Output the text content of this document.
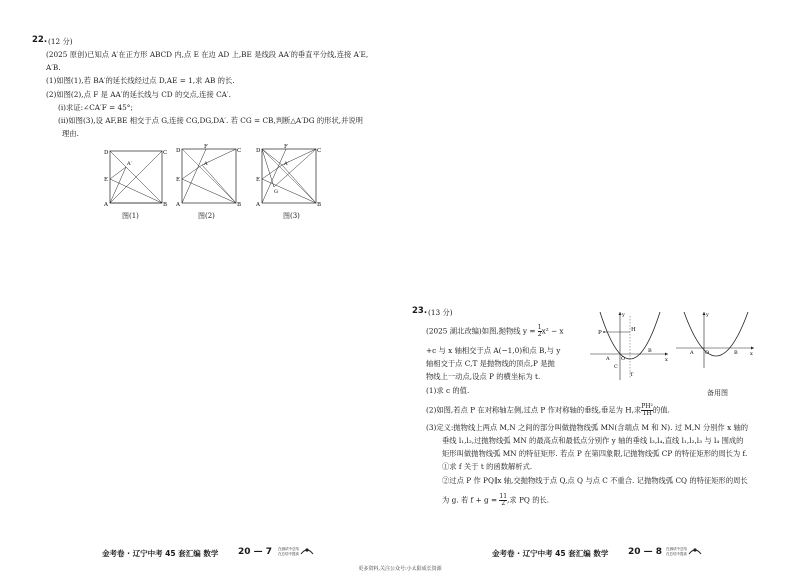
22. (12 分)
(2025 原创)已知点 A′在正方形 ABCD 内,点 E 在边 AD 上,BE 是线段 AA′的垂直平分线,连接 A′E,
A′B.
(1)如图(1),若 BA′的延长线经过点 D,AE = 1,求 AB 的长.
(2)如图(2),点 F 是 AA′的延长线与 CD 的交点,连接 CA′.
(ⅰ)求证:∠CA′F = 45°;
(ⅱ)如图(3),设 AF,BE 相交于点 G,连接 CG,DG,DA′. 若 CG = CB,判断△A′DG 的形状,并说明
理由.
D	C
A	B
E
A′
图(1)
D
F
C
A	B
E
A′
图(2)
D
F
C
A	B
E
G
A′
图(3)
金考卷 · 辽宁中考 45 套汇编 数学 20 — 7 在测试中总结
在总结中提高
23. (13 分)
(2025 湖北改编)如图,抛物线 $y = \frac{1}{2} x^2 - x$
+c 与 x 轴相交于点 A(−1,0)和点 B,与 y
轴相交于点 C,T 是抛物线的顶点,P 是抛
物线上一动点,设点 P 的横坐标为 t.
(1)求 c 的值.
(2)如图,若点 P 在对称轴左侧,过点 P 作对称轴的垂线,垂足为 H,求 $\frac{\text{PH²}}{TH}$ 的值.
(3)定义:抛物线上两点 M,N 之间的部分叫做抛物线弧 MN(含端点 M 和 N). 过 M,N 分别作 x 轴的
垂线 l₁,l₂,过抛物线弧 MN 的最高点和最低点分别作 y 轴的垂线 l₃,l₄,直线 l₁,l₂,l₃ 与 l₄ 围成的
矩形叫做抛物线弧 MN 的特征矩形. 若点 P 在第四象限,记抛物线弧 CP 的特征矩形的周长为 f.
①求 f 关于 t 的函数解析式.
②过点 P 作 PQ∥x 轴,交抛物线于点 Q,点 Q 与点 C 不重合. 记抛物线弧 CQ 的特征矩形的周长
为 g. 若 $f + g = \frac{11}{2}$ ,求 PQ 的长.
P	H
A O
B
C
T
x
y
A O	B x
y
备用图
金考卷 · 辽宁中考 45 套汇编 数学 20 — 8 在测试中总结
在总结中提高
更多资料,关注公众号:小太阳成长资源
